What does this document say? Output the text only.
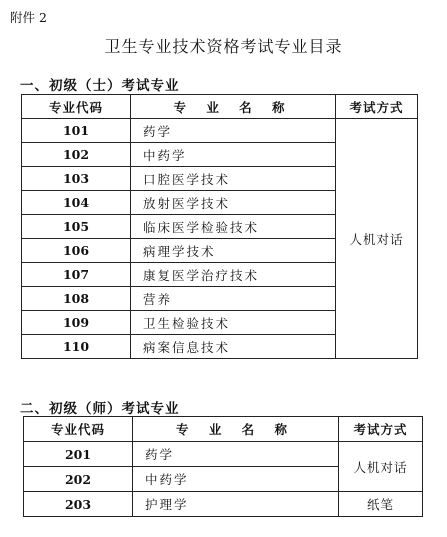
附件 2
卫生专业技术资格考试专业目录
一、初级（士）考试专业
专业代码	专 业 名 称	考试方式
101	药学	人机对话
102	中药学	
103	口腔医学技术	
104	放射医学技术	
105	临床医学检验技术	
106	病理学技术	
107	康复医学治疗技术	
108	营养	
109	卫生检验技术	
110	病案信息技术	
二、初级（师）考试专业
专业代码	专 业 名 称	考试方式
201	药学	人机对话
202	中药学	
203	护理学	纸笔
